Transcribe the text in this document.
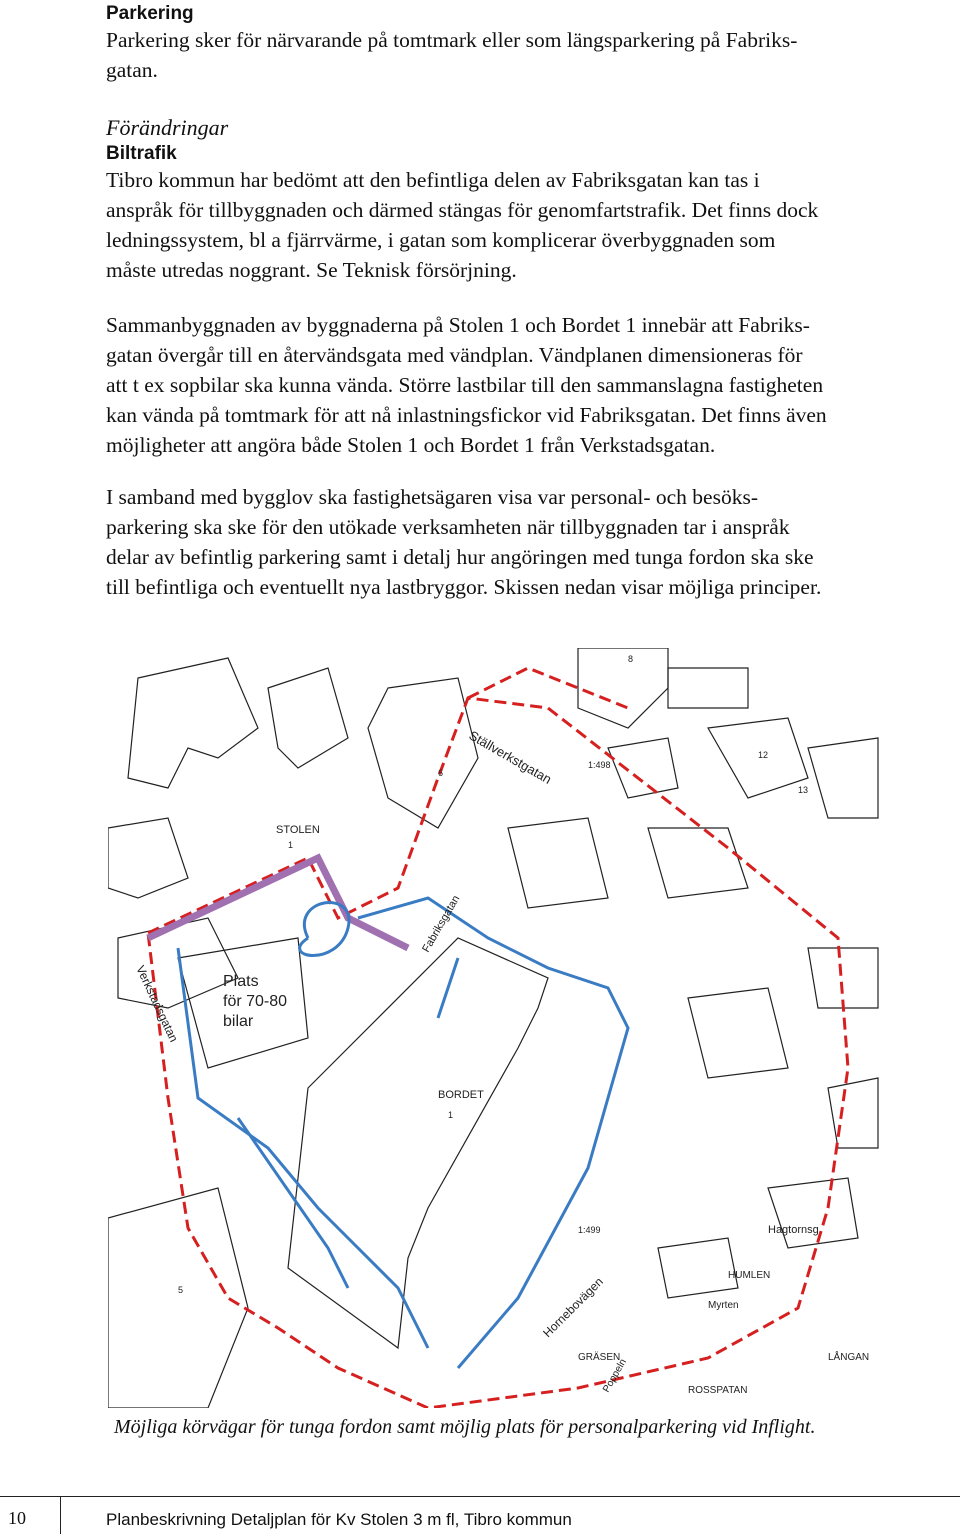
Parkering
Parkering sker för närvarande på tomtmark eller som längsparkering på Fabriks-
gatan.
Förändringar
Biltrafik
Tibro kommun har bedömt att den befintliga delen av Fabriksgatan kan tas i
anspråk för tillbyggnaden och därmed stängas för genomfartstrafik. Det finns dock
ledningssystem, bl a fjärrvärme, i gatan som komplicerar överbyggnaden som
måste utredas noggrant. Se Teknisk försörjning.
Sammanbyggnaden av byggnaderna på Stolen 1 och Bordet 1 innebär att Fabriks-
gatan övergår till en återvändsgata med vändplan. Vändplanen dimensioneras för
att t ex sopbilar ska kunna vända. Större lastbilar till den sammanslagna fastigheten
kan vända på tomtmark för att nå inlastningsfickor vid Fabriksgatan. Det finns även
möjligheter att angöra både Stolen 1 och Bordet 1 från Verkstadsgatan.
I samband med bygglov ska fastighetsägaren visa var personal- och besöks-
parkering ska ske för den utökade verksamheten när tillbyggnaden tar i anspråk
delar av befintlig parkering samt i detalj hur angöringen med tunga fordon ska ske
till befintliga och eventuellt nya lastbryggor. Skissen nedan visar möjliga principer.
Ställverkstgatan
Verkstadsgatan
Fabriksgatan
Hornebovägen
STOLEN
BORDET
1
Plats
för 70-80
bilar
Hagtornsg
HUMLEN
Myrten
LÅNGAN
GRÄSEN
ROSSPATAN
Poppeln
1:498
1:499
6
8
12
13
5
1
Möjliga körvägar för tunga fordon samt möjlig plats för personalparkering vid Inflight.
10	Planbeskrivning Detaljplan för Kv Stolen 3 m fl, Tibro kommun
